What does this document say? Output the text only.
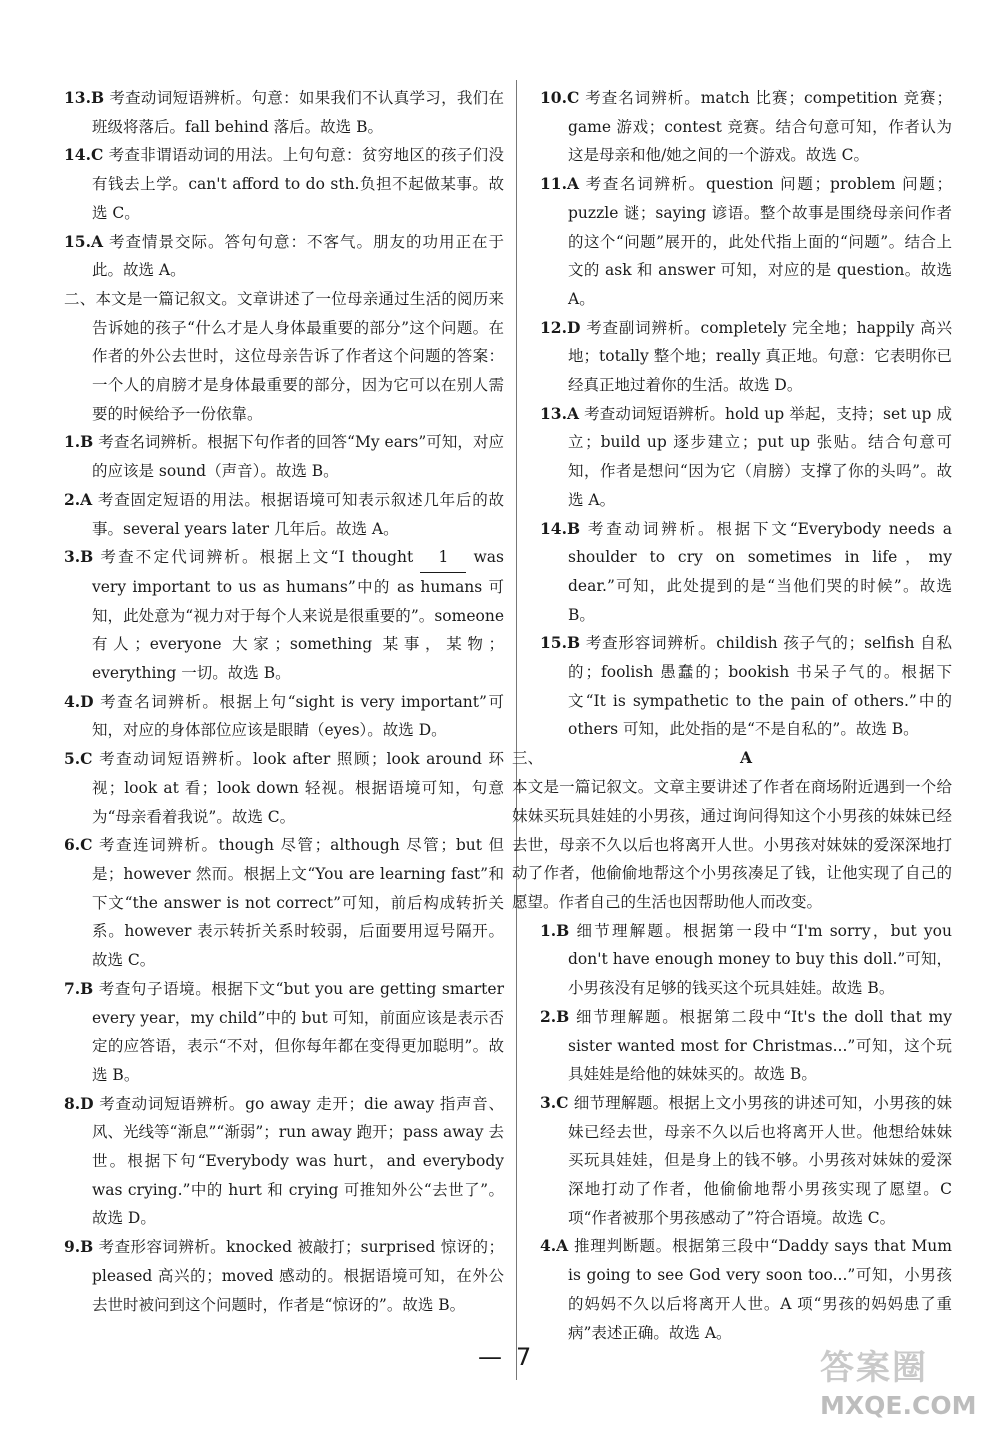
13.B 考查动词短语辨析。句意：如果我们不认真学习，我们在班级将落后。fall behind 落后。故选 B。

14.C 考查非谓语动词的用法。上句句意：贫穷地区的孩子们没有钱去上学。can't afford to do sth.负担不起做某事。故选 C。

15.A 考查情景交际。答句句意：不客气。朋友的功用正在于此。故选 A。

二、本文是一篇记叙文。文章讲述了一位母亲通过生活的阅历来告诉她的孩子“什么才是人身体最重要的部分”这个问题。在作者的外公去世时，这位母亲告诉了作者这个问题的答案：一个人的肩膀才是身体最重要的部分，因为它可以在别人需要的时候给予一份依靠。

1.B 考查名词辨析。根据下句作者的回答“My ears”可知，对应的应该是 sound（声音）。故选 B。

2.A 考查固定短语的用法。根据语境可知表示叙述几年后的故事。several years later 几年后。故选 A。

3.B 考查不定代词辨析。根据上文“I thought 1 was very important to us as humans”中的 as humans 可知，此处意为“视力对于每个人来说是很重要的”。someone 有人；everyone 大家；something 某事，某物；everything 一切。故选 B。

4.D 考查名词辨析。根据上句“sight is very important”可知，对应的身体部位应该是眼睛（eyes）。故选 D。

5.C 考查动词短语辨析。look after 照顾；look around 环视；look at 看；look down 轻视。根据语境可知，句意为“母亲看着我说”。故选 C。

6.C 考查连词辨析。though 尽管；although 尽管；but 但是；however 然而。根据上文“You are learning fast”和下文“the answer is not correct”可知，前后构成转折关系。however 表示转折关系时较弱，后面要用逗号隔开。故选 C。

7.B 考查句子语境。根据下文“but you are getting smarter every year，my child”中的 but 可知，前面应该是表示否定的应答语，表示“不对，但你每年都在变得更加聪明”。故选 B。

8.D 考查动词短语辨析。go away 走开；die away 指声音、风、光线等“渐息”“渐弱”；run away 跑开；pass away 去世。根据下句“Everybody was hurt，and everybody was crying.”中的 hurt 和 crying 可推知外公“去世了”。故选 D。

9.B 考查形容词辨析。knocked 被敲打；surprised 惊讶的；pleased 高兴的；moved 感动的。根据语境可知，在外公去世时被问到这个问题时，作者是“惊讶的”。故选 B。

10.C 考查名词辨析。match 比赛；competition 竞赛；game 游戏；contest 竞赛。结合句意可知，作者认为这是母亲和他/她之间的一个游戏。故选 C。

11.A 考查名词辨析。question 问题；problem 问题；puzzle 谜；saying 谚语。整个故事是围绕母亲问作者的这个“问题”展开的，此处代指上面的“问题”。结合上文的 ask 和 answer 可知，对应的是 question。故选 A。

12.D 考查副词辨析。completely 完全地；happily 高兴地；totally 整个地；really 真正地。句意：它表明你已经真正地过着你的生活。故选 D。

13.A 考查动词短语辨析。hold up 举起，支持；set up 成立；build up 逐步建立；put up 张贴。结合句意可知，作者是想问“因为它（肩膀）支撑了你的头吗”。故选 A。

14.B 考查动词辨析。根据下文“Everybody needs a shoulder to cry on sometimes in life，my dear.”可知，此处提到的是“当他们哭的时候”。故选 B。

15.B 考查形容词辨析。childish 孩子气的；selfish 自私的；foolish 愚蠢的；bookish 书呆子气的。根据下文“It is sympathetic to the pain of others.”中的 others 可知，此处指的是“不是自私的”。故选 B。

三、	A

本文是一篇记叙文。文章主要讲述了作者在商场附近遇到一个给妹妹买玩具娃娃的小男孩，通过询问得知这个小男孩的妹妹已经去世，母亲不久以后也将离开人世。小男孩对妹妹的爱深深地打动了作者，他偷偷地帮这个小男孩凑足了钱，让他实现了自己的愿望。作者自己的生活也因帮助他人而改变。

1.B 细节理解题。根据第一段中“I'm sorry，but you don't have enough money to buy this doll.”可知，小男孩没有足够的钱买这个玩具娃娃。故选 B。

2.B 细节理解题。根据第二段中“It's the doll that my sister wanted most for Christmas...”可知，这个玩具娃娃是给他的妹妹买的。故选 B。

3.C 细节理解题。根据上文小男孩的讲述可知，小男孩的妹妹已经去世，母亲不久以后也将离开人世。他想给妹妹买玩具娃娃，但是身上的钱不够。小男孩对妹妹的爱深深地打动了作者，他偷偷地帮小男孩实现了愿望。C 项“作者被那个男孩感动了”符合语境。故选 C。

4.A 推理判断题。根据第三段中“Daddy says that Mum is going to see God very soon too...”可知，小男孩的妈妈不久以后将离开人世。A 项“男孩的妈妈患了重病”表述正确。故选 A。

— 7	答案圈
MXQE.COM
